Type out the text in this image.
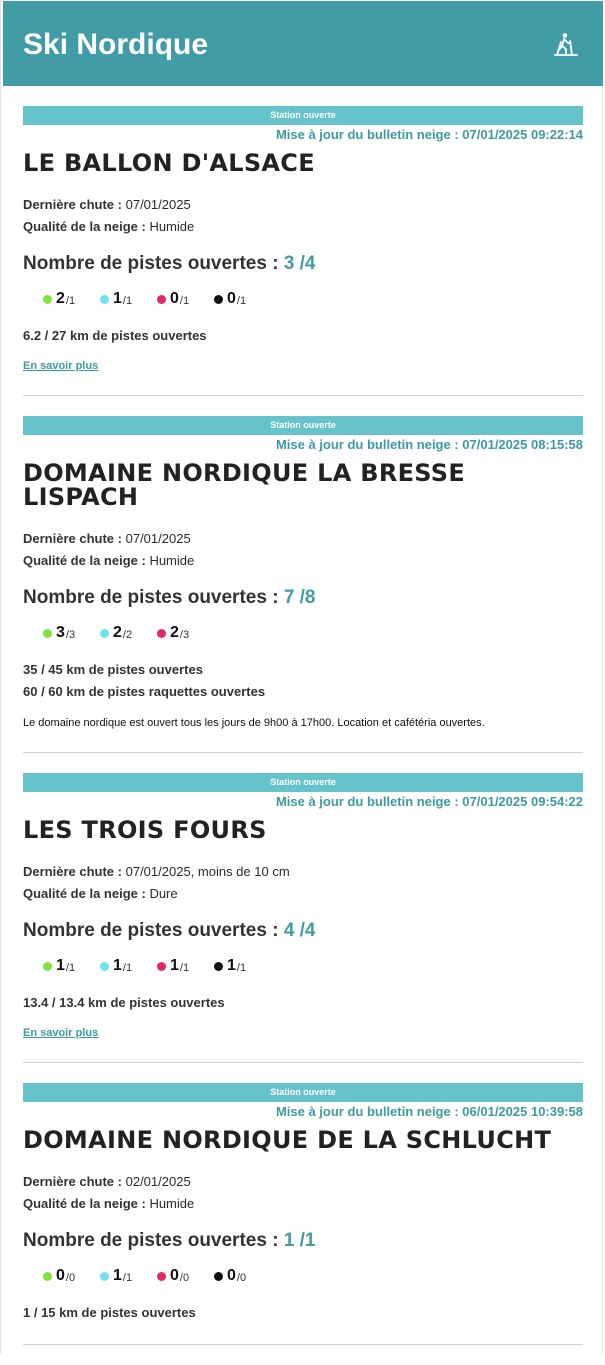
Ski Nordique
Station ouverte
Mise à jour du bulletin neige : 07/01/2025 09:22:14
LE BALLON D'ALSACE
Dernière chute : 07/01/2025
Qualité de la neige : Humide
Nombre de pistes ouvertes : 3 /4
2 /1 1 /1 0 /1 0 /1
6.2 / 27 km de pistes ouvertes
En savoir plus
Station ouverte
Mise à jour du bulletin neige : 07/01/2025 08:15:58
DOMAINE NORDIQUE LA BRESSE LISPACH
Dernière chute : 07/01/2025
Qualité de la neige : Humide
Nombre de pistes ouvertes : 7 /8
3 /3 2 /2 2 /3
35 / 45 km de pistes ouvertes
60 / 60 km de pistes raquettes ouvertes
Le domaine nordique est ouvert tous les jours de 9h00 à 17h00. Location et cafétéria ouvertes.
Station ouverte
Mise à jour du bulletin neige : 07/01/2025 09:54:22
LES TROIS FOURS
Dernière chute : 07/01/2025, moins de 10 cm
Qualité de la neige : Dure
Nombre de pistes ouvertes : 4 /4
1 /1 1 /1 1 /1 1 /1
13.4 / 13.4 km de pistes ouvertes
En savoir plus
Station ouverte
Mise à jour du bulletin neige : 06/01/2025 10:39:58
DOMAINE NORDIQUE DE LA SCHLUCHT
Dernière chute : 02/01/2025
Qualité de la neige : Humide
Nombre de pistes ouvertes : 1 /1
0 /0 1 /1 0 /0 0 /0
1 / 15 km de pistes ouvertes
